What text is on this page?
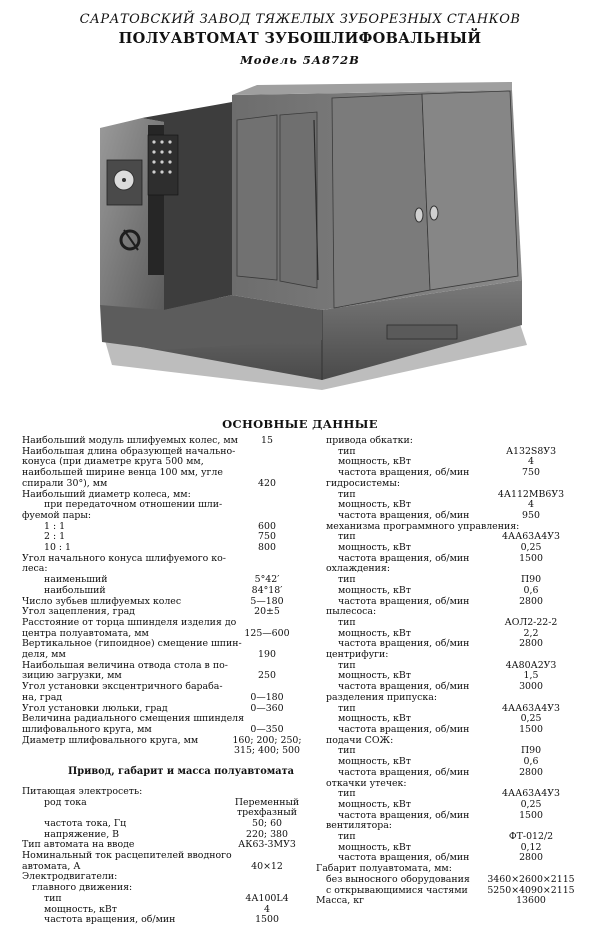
САРАТОВСКИЙ ЗАВОД ТЯЖЕЛЫХ ЗУБОРЕЗНЫХ СТАНКОВ
ПОЛУАВТОМАТ ЗУБОШЛИФОВАЛЬНЫЙ
Модель 5А872В
ОСНОВНЫЕ ДАННЫЕ
Наибольший модуль шлифуемых колес, мм	15
Наибольшая длина образующей начально-
конуса (при диаметре круга 500 мм,
наибольшей ширине венца 100 мм, угле
спирали 30°), мм	420
Наибольший диаметр колеса, мм:
при передаточном отношении шли-
фуемой пары:
1 : 1	600
2 : 1	750
10 : 1	800
Угол начального конуса шлифуемого ко-
леса:
наименьший	5°42′
наибольший	84°18′
Число зубьев шлифуемых колес	5—180
Угол зацепления, град	20±5
Расстояние от торца шпинделя изделия до
центра полуавтомата, мм	125—600
Вертикальное (гипоидное) смещение шпин-
деля, мм	190
Наибольшая величина отвода стола в по-
зицию загрузки, мм	250
Угол установки эксцентричного бараба-
на, град	0—180
Угол установки люльки, град	0—360
Величина радиального смещения шпинделя
шлифовального круга, мм	0—350
Диаметр шлифовального круга, мм	160; 200; 250;
315; 400; 500
Привод, габарит и масса полуавтомата
Питающая электросеть:
род тока	Переменный
трехфазный
частота тока, Гц	50; 60
напряжение, В	220; 380
Тип автомата на вводе	АК63-3МУ3
Номинальный ток расцепителей вводного
автомата, А	40×12
Электродвигатели:
главного движения:
тип	4А100L4
мощность, кВт	4
частота вращения, об/мин	1500
привода обкатки:
тип	А132S8У3
мощность, кВт	4
частота вращения, об/мин	750
гидросистемы:
тип	4А112МВ6У3
мощность, кВт	4
частота вращения, об/мин	950
механизма программного управления:
тип	4АА63А4У3
мощность, кВт	0,25
частота вращения, об/мин	1500
охлаждения:
тип	П90
мощность, кВт	0,6
частота вращения, об/мин	2800
пылесоса:
тип	АОЛ2-22-2
мощность, кВт	2,2
частота вращения, об/мин	2800
центрифуги:
тип	4А80А2У3
мощность, кВт	1,5
частота вращения, об/мин	3000
разделения припуска:
тип	4АА63А4У3
мощность, кВт	0,25
частота вращения, об/мин	1500
подачи СОЖ:
тип	П90
мощность, кВт	0,6
частота вращения, об/мин	2800
откачки утечек:
тип	4АА63А4У3
мощность, кВт	0,25
частота вращения, об/мин	1500
вентилятора:
тип	ФТ-012/2
мощность, кВт	0,12
частота вращения, об/мин	2800
Габарит полуавтомата, мм:
без выносного оборудования	3460×2600×2115
с открывающимися частями	5250×4090×2115
Масса, кг	13600
